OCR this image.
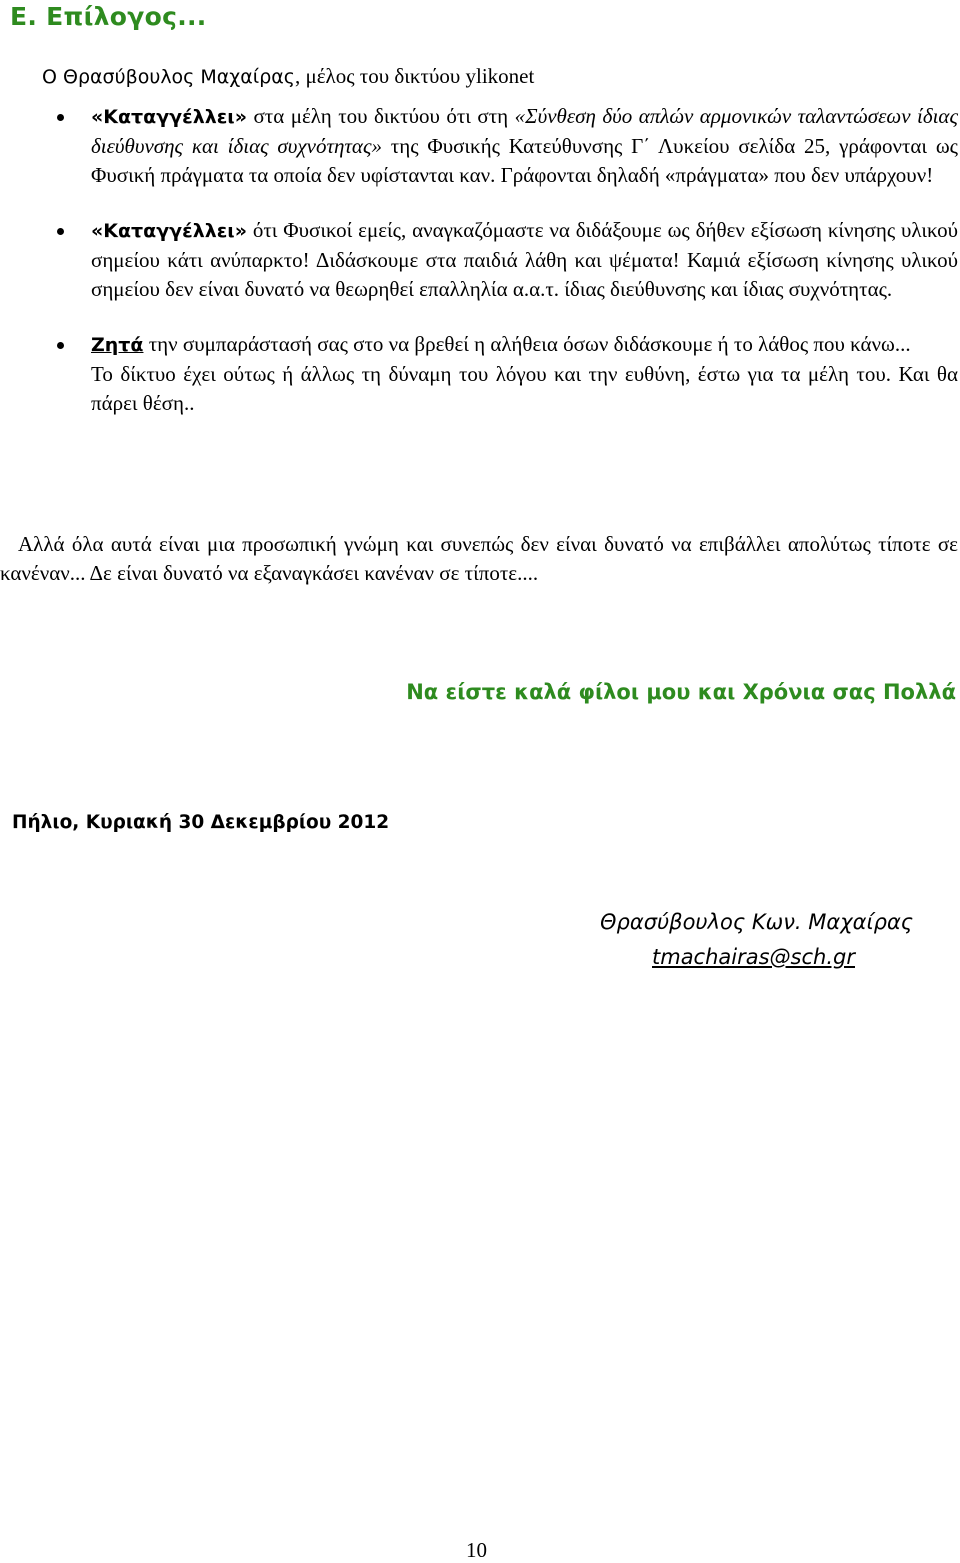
Ε. Επίλογος...
Ο Θρασύβουλος Μαχαίρας, μέλος του δικτύου ylikonet
«Καταγγέλλει» στα μέλη του δικτύου ότι στη «Σύνθεση δύο απλών αρμονικών ταλαντώσεων ίδιας διεύθυνσης και ίδιας συχνότητας» της Φυσικής Κατεύθυνσης Γ΄ Λυκείου σελίδα 25, γράφονται ως Φυσική πράγματα τα οποία δεν υφίστανται καν. Γράφονται δηλαδή «πράγματα» που δεν υπάρχουν!
«Καταγγέλλει» ότι Φυσικοί εμείς, αναγκαζόμαστε να διδάξουμε ως δήθεν εξίσωση κίνησης υλικού σημείου κάτι ανύπαρκτο! Διδάσκουμε στα παιδιά λάθη και ψέματα! Καμιά εξίσωση κίνησης υλικού σημείου δεν είναι δυνατό να θεωρηθεί επαλληλία α.α.τ. ίδιας διεύθυνσης και ίδιας συχνότητας.
Ζητά την συμπαράστασή σας στο να βρεθεί η αλήθεια όσων διδάσκουμε ή το λάθος που κάνω...
Το δίκτυο έχει ούτως ή άλλως τη δύναμη του λόγου και την ευθύνη, έστω για τα μέλη του. Και θα πάρει θέση..
Αλλά όλα αυτά είναι μια προσωπική γνώμη και συνεπώς δεν είναι δυνατό να επιβάλλει απολύτως τίποτε σε κανέναν... Δε είναι δυνατό να εξαναγκάσει κανέναν σε τίποτε....
Να είστε καλά φίλοι μου και Χρόνια σας Πολλά
Πήλιο, Κυριακή 30 Δεκεμβρίου 2012
Θρασύβουλος Κων. Μαχαίρας
tmachairas@sch.gr
10
